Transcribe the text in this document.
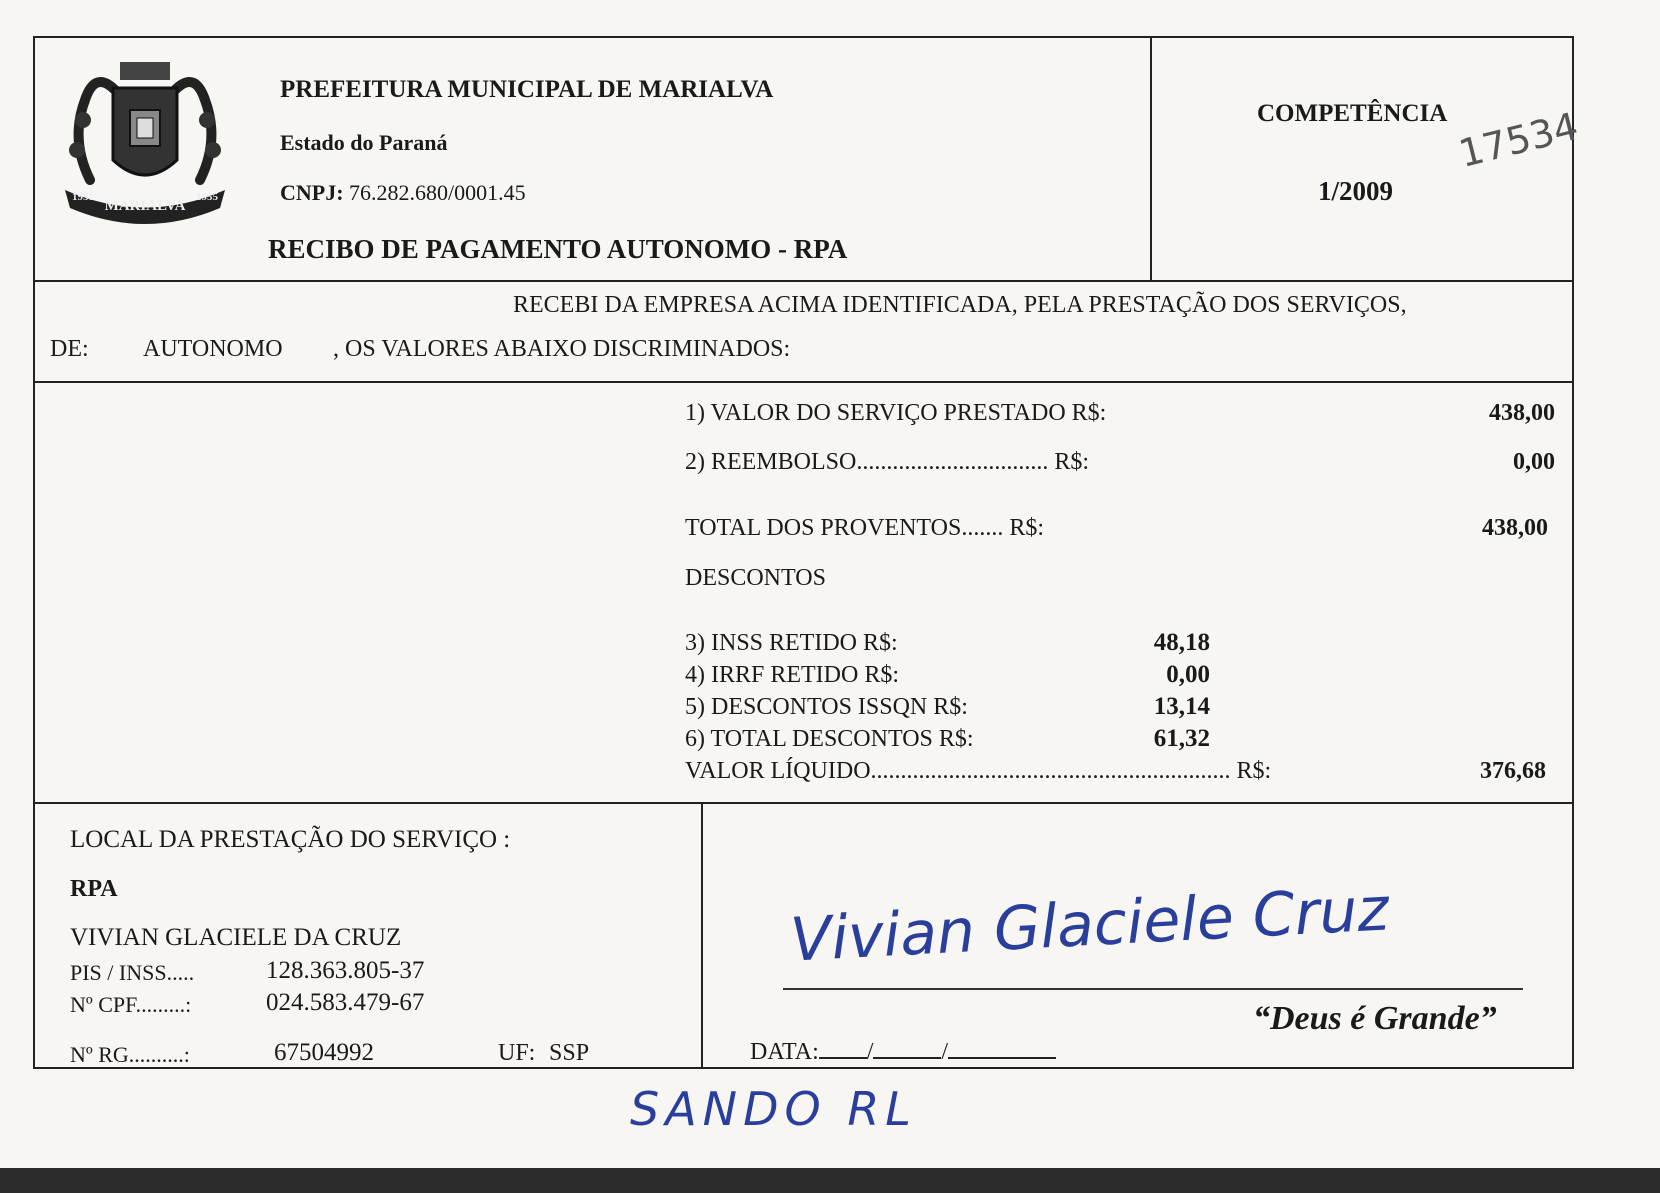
MARIALVA
1951	1955
PREFEITURA MUNICIPAL DE MARIALVA
Estado do Paraná
CNPJ: 76.282.680/0001.45
RECIBO DE PAGAMENTO AUTONOMO - RPA
COMPETÊNCIA
1/2009
17534
RECEBI DA EMPRESA ACIMA IDENTIFICADA, PELA PRESTAÇÃO DOS SERVIÇOS,
DE: AUTONOMO , OS VALORES ABAIXO DISCRIMINADOS:
1) VALOR DO SERVIÇO PRESTADO R$:	438,00
2) REEMBOLSO................................ R$:	0,00
TOTAL DOS PROVENTOS....... R$:	438,00
DESCONTOS
3) INSS RETIDO R$:	48,18
4) IRRF RETIDO R$:	0,00
5) DESCONTOS ISSQN R$:	13,14
6) TOTAL DESCONTOS R$:	61,32
VALOR LÍQUIDO............................................................ R$:	376,68
LOCAL DA PRESTAÇÃO DO SERVIÇO :
RPA
VIVIAN GLACIELE DA CRUZ
PIS / INSS.....	128.363.805-37
Nº CPF.........:	024.583.479-67
Nº RG..........:	67504992	UF: SSP
Vivian Glaciele Cruz
“Deus é Grande”
DATA: /	/
SANDO RL
